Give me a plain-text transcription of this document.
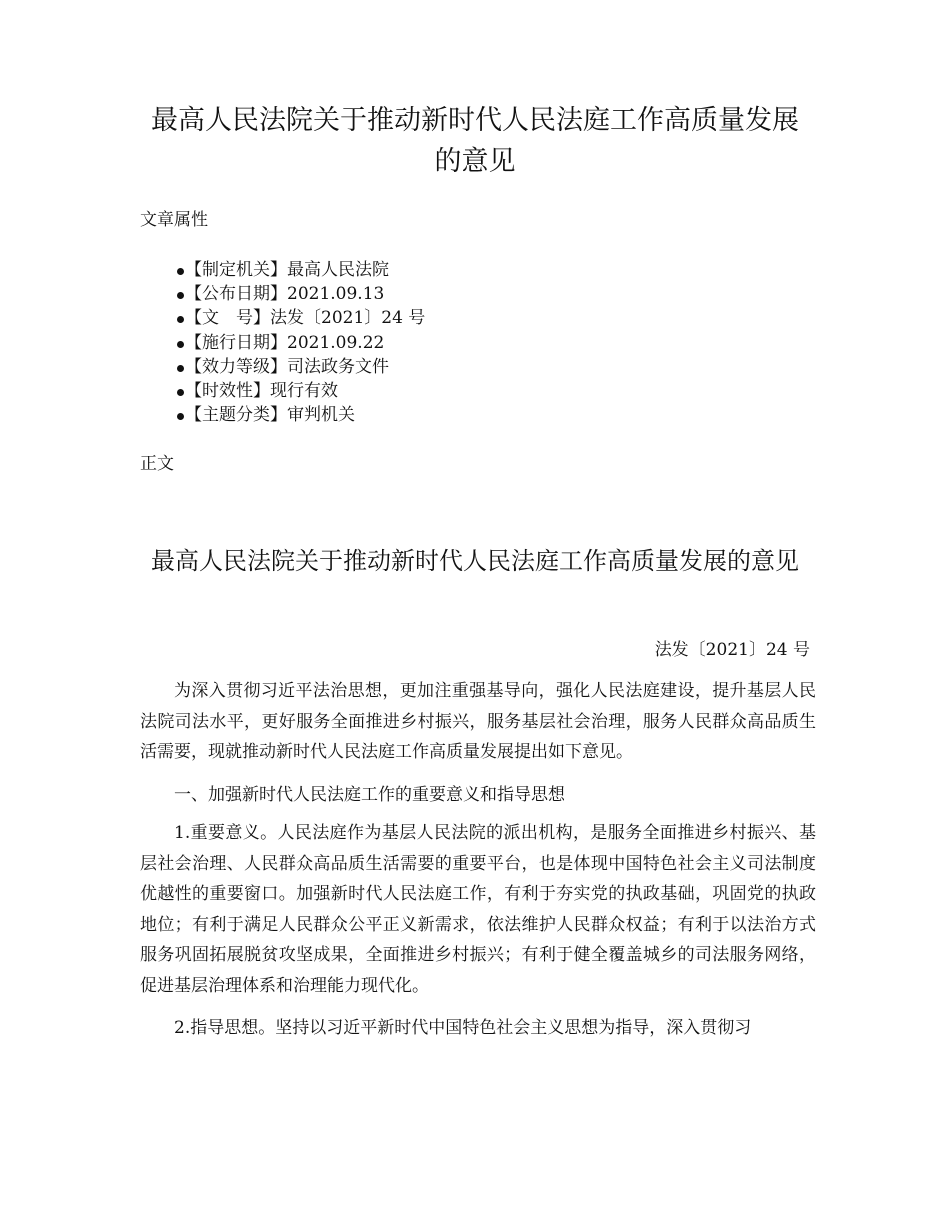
最高人民法院关于推动新时代人民法庭工作高质量发展的意见

文章属性

【制定机关】最高人民法院
【公布日期】2021.09.13
【文　号】法发〔2021〕24 号
【施行日期】2021.09.22
【效力等级】司法政务文件
【时效性】现行有效
【主题分类】审判机关

正文

最高人民法院关于推动新时代人民法庭工作高质量发展的意见

法发〔2021〕24 号

为深入贯彻习近平法治思想，更加注重强基导向，强化人民法庭建设，提升基层人民法院司法水平，更好服务全面推进乡村振兴，服务基层社会治理，服务人民群众高品质生活需要，现就推动新时代人民法庭工作高质量发展提出如下意见。

一、加强新时代人民法庭工作的重要意义和指导思想

1.重要意义。人民法庭作为基层人民法院的派出机构，是服务全面推进乡村振兴、基层社会治理、人民群众高品质生活需要的重要平台，也是体现中国特色社会主义司法制度优越性的重要窗口。加强新时代人民法庭工作，有利于夯实党的执政基础，巩固党的执政地位；有利于满足人民群众公平正义新需求，依法维护人民群众权益；有利于以法治方式服务巩固拓展脱贫攻坚成果，全面推进乡村振兴；有利于健全覆盖城乡的司法服务网络，促进基层治理体系和治理能力现代化。

2.指导思想。坚持以习近平新时代中国特色社会主义思想为指导，深入贯彻习
